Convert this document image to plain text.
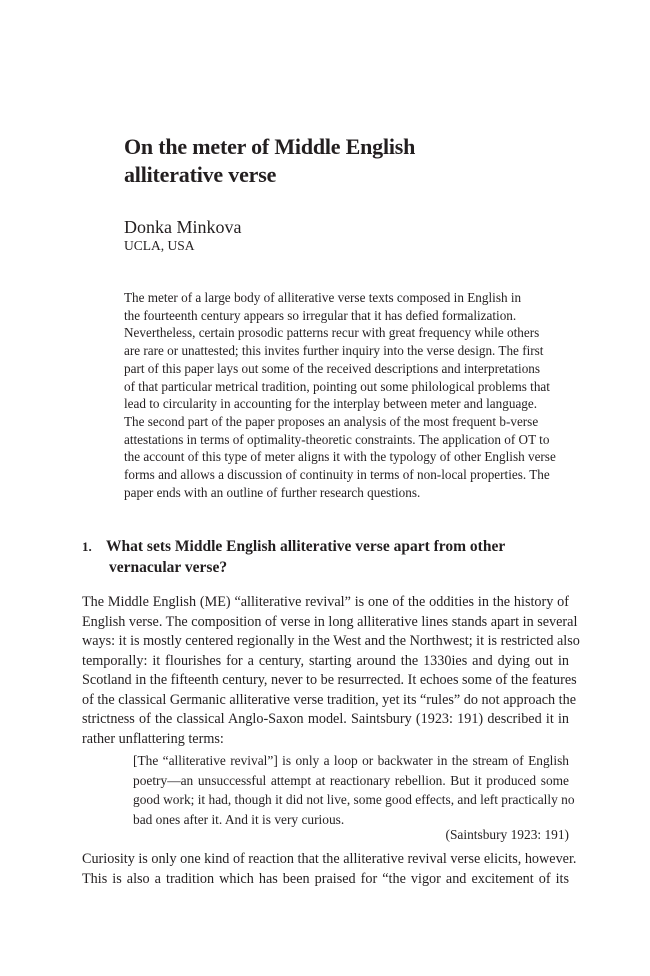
On the meter of Middle English
alliterative verse
Donka Minkova
UCLA, USA
The meter of a large body of alliterative verse texts composed in English in
the fourteenth century appears so irregular that it has defied formalization.
Nevertheless, certain prosodic patterns recur with great frequency while others
are rare or unattested; this invites further inquiry into the verse design. The first
part of this paper lays out some of the received descriptions and interpretations
of that particular metrical tradition, pointing out some philological problems that
lead to circularity in accounting for the interplay between meter and language.
The second part of the paper proposes an analysis of the most frequent b-verse
attestations in terms of optimality-theoretic constraints. The application of OT to
the account of this type of meter aligns it with the typology of other English verse
forms and allows a discussion of continuity in terms of non-local properties. The
paper ends with an outline of further research questions.
1. What sets Middle English alliterative verse apart from other
vernacular verse?
The Middle English (ME) “alliterative revival” is one of the oddities in the history of
English verse. The composition of verse in long alliterative lines stands apart in several
ways: it is mostly centered regionally in the West and the Northwest; it is restricted also
temporally: it flourishes for a century, starting around the 1330ies and dying out in
Scotland in the fifteenth century, never to be resurrected. It echoes some of the features
of the classical Germanic alliterative verse tradition, yet its “rules” do not approach the
strictness of the classical Anglo-Saxon model. Saintsbury (1923: 191) described it in
rather unflattering terms:
[The “alliterative revival”] is only a loop or backwater in the stream of English
poetry—an unsuccessful attempt at reactionary rebellion. But it produced some
good work; it had, though it did not live, some good effects, and left practically no
bad ones after it. And it is very curious.
(Saintsbury 1923: 191)
Curiosity is only one kind of reaction that the alliterative revival verse elicits, however.
This is also a tradition which has been praised for “the vigor and excitement of its
